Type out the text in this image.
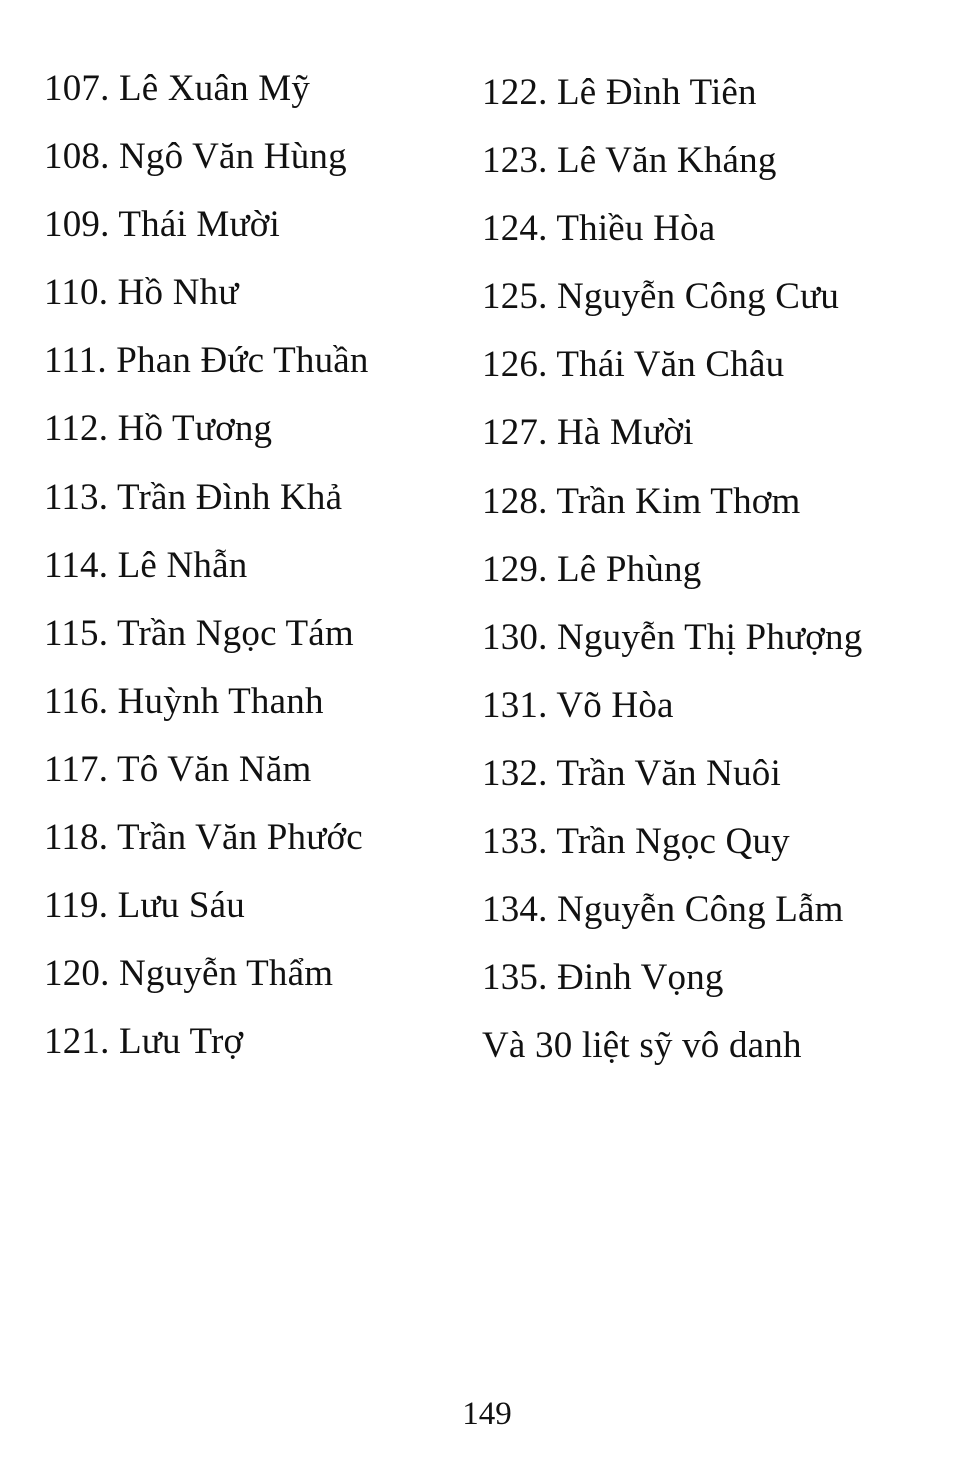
107. Lê Xuân Mỹ
108. Ngô Văn Hùng
109. Thái Mười
110. Hồ Như
111. Phan Đức Thuần
112. Hồ Tương
113. Trần Đình Khả
114. Lê Nhẫn
115. Trần Ngọc Tám
116. Huỳnh Thanh
117. Tô Văn Năm
118. Trần Văn Phước
119. Lưu Sáu
120. Nguyễn Thẩm
121. Lưu Trợ
122. Lê Đình Tiên
123. Lê Văn Kháng
124. Thiều Hòa
125. Nguyễn Công Cưu
126. Thái Văn Châu
127. Hà Mười
128. Trần Kim Thơm
129. Lê Phùng
130. Nguyễn Thị Phượng
131. Võ Hòa
132. Trần Văn Nuôi
133. Trần Ngọc Quy
134. Nguyễn Công Lẫm
135. Đinh Vọng
Và 30 liệt sỹ vô danh
149
